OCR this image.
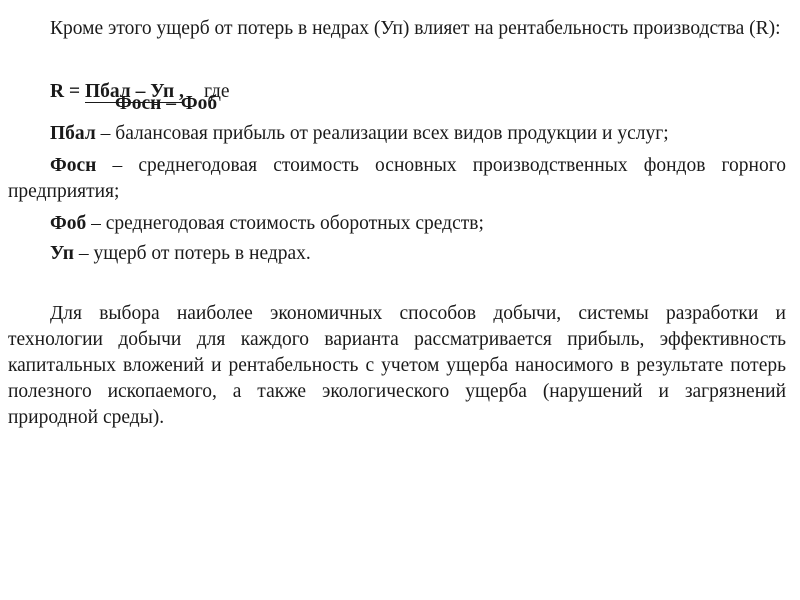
Кроме этого ущерб от потерь в недрах (Уп) влияет на рентабельность производства (R):

R = Пбал – Уп ,
Фосн – Фоб
где

Пбал – балансовая прибыль от реализации всех видов продукции и услуг;

Фосн – среднегодовая стоимость основных производственных фондов горного предприятия;

Фоб – среднегодовая стоимость оборотных средств;

Уп – ущерб от потерь в недрах.

Для выбора наиболее экономичных способов добычи, системы разработки и технологии добычи для каждого варианта рассматривается прибыль, эффективность капитальных вложений и рентабельность с учетом ущерба наносимого в результате потерь полезного ископаемого, а также экологического ущерба (нарушений и загрязнений природной среды).
